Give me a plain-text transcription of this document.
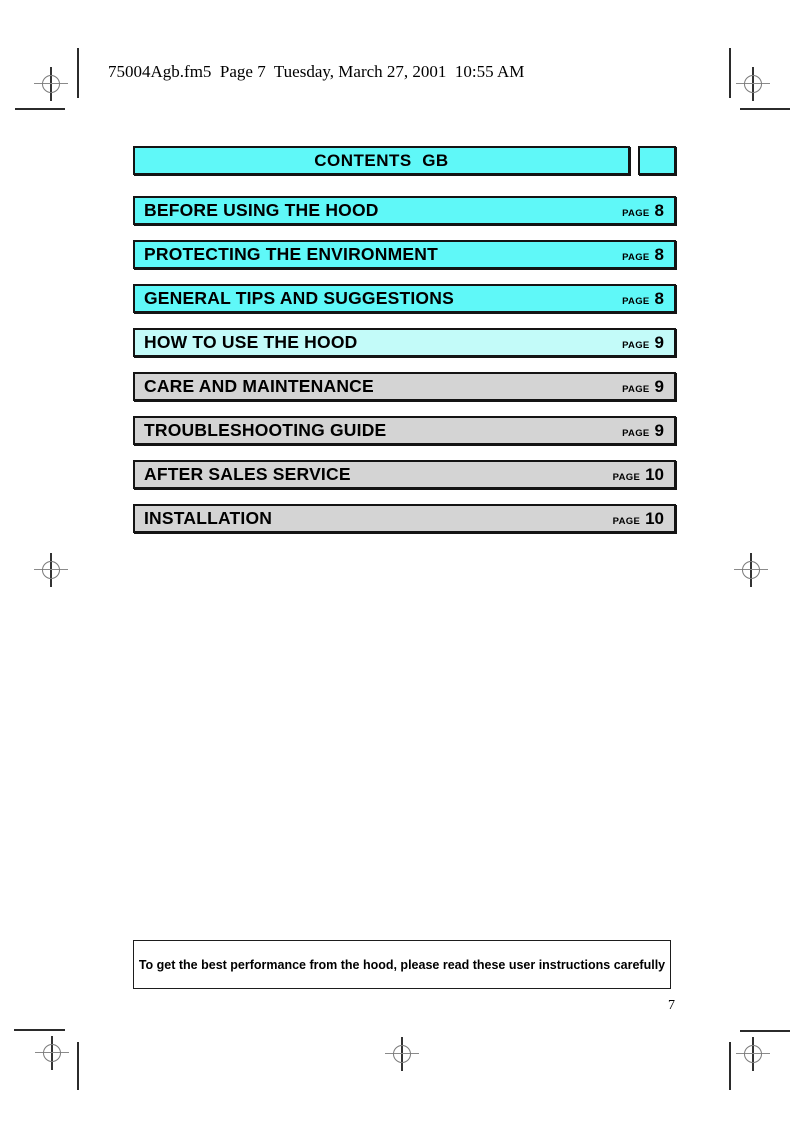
75004Agb.fm5  Page 7  Tuesday, March 27, 2001  10:55 AM
CONTENTS  GB
BEFORE USING THE HOOD	PAGE 8
PROTECTING THE ENVIRONMENT	PAGE 8
GENERAL TIPS AND SUGGESTIONS	PAGE 8
HOW TO USE THE HOOD	PAGE 9
CARE AND MAINTENANCE	PAGE 9
TROUBLESHOOTING GUIDE	PAGE 9
AFTER SALES SERVICE	PAGE 10
INSTALLATION	PAGE 10
To get the best performance from the hood, please read these user instructions carefully
7
